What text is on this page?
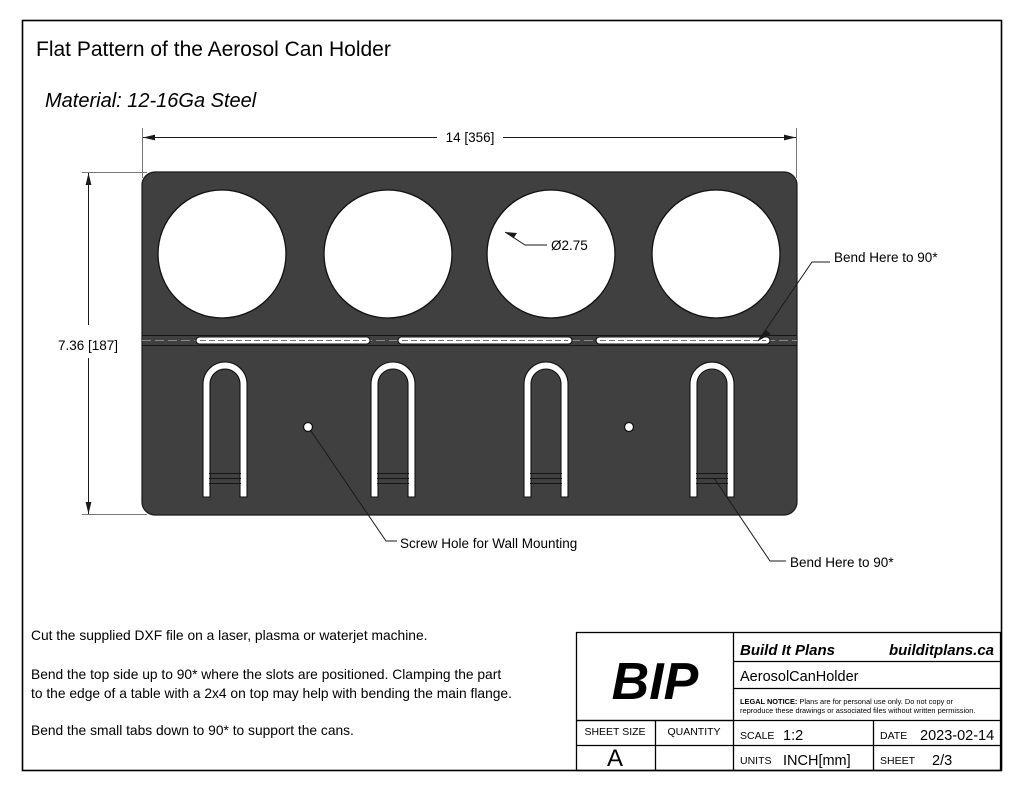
Flat Pattern of the Aerosol Can Holder
Material: 12-16Ga Steel
14 [356]
7.36 [187]
Ø2.75
Bend Here to 90*
Bend Here to 90*
Screw Hole for Wall Mounting
Cut the supplied DXF file on a laser, plasma or waterjet machine.
Bend the top side up to 90* where the slots are positioned. Clamping the part
to the edge of a table with a 2x4 on top may help with bending the main flange.
Bend the small tabs down to 90* to support the cans.
BIP
Build It Plans	builditplans.ca
AerosolCanHolder
LEGAL NOTICE: Plans are for personal use only. Do not copy or
reproduce these drawings or associated files without written permission.
SHEET SIZE
A
QUANTITY SCALE 1:2
UNITS INCH[mm]
DATE 2023-02-14
SHEET 2/3
